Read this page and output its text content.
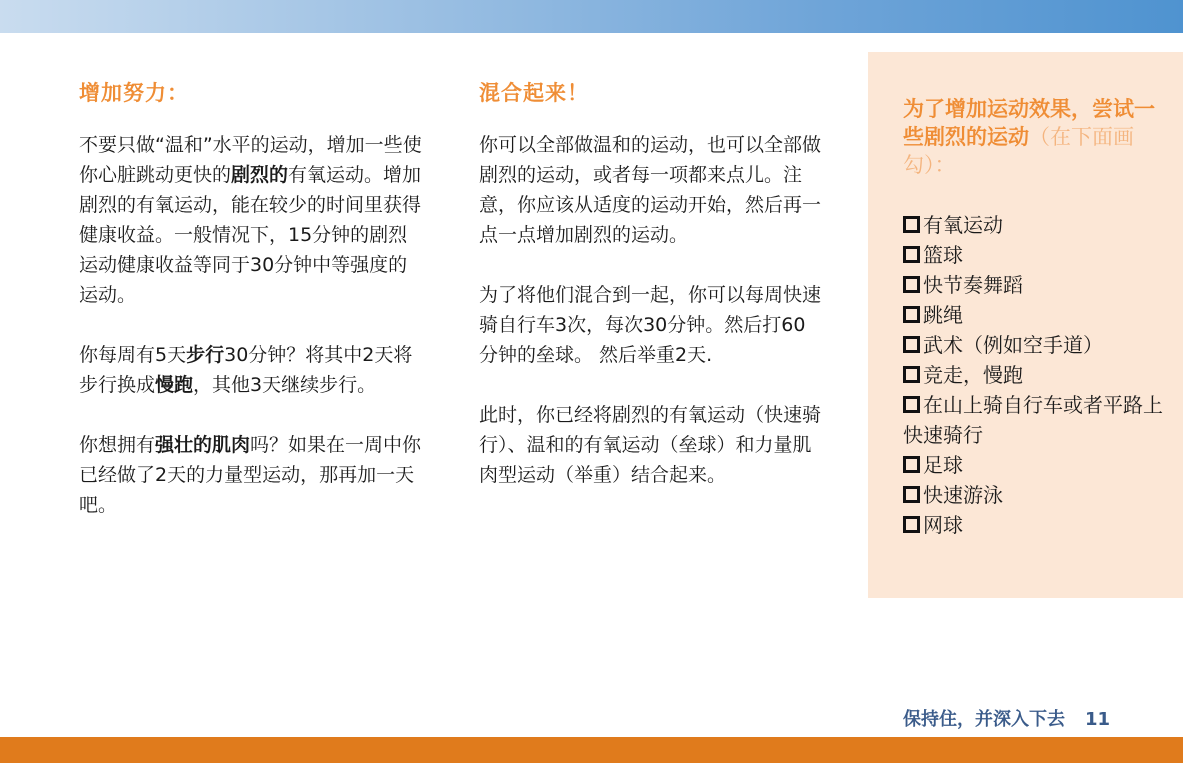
增加努力：

不要只做“温和”水平的运动，增加一些使你心脏跳动更快的剧烈的有氧运动。增加剧烈的有氧运动，能在较少的时间里获得健康收益。一般情况下，15分钟的剧烈运动健康收益等同于30分钟中等强度的运动。

你每周有5天步行30分钟？将其中2天将步行换成慢跑，其他3天继续步行。

你想拥有强壮的肌肉吗？如果在一周中你已经做了2天的力量型运动，那再加一天吧。

混合起来！

你可以全部做温和的运动，也可以全部做剧烈的运动，或者每一项都来点儿。注意，你应该从适度的运动开始，然后再一点一点增加剧烈的运动。

为了将他们混合到一起，你可以每周快速骑自行车3次，每次30分钟。然后打60分钟的垒球。 然后举重2天.

此时，你已经将剧烈的有氧运动（快速骑行）、温和的有氧运动（垒球）和力量肌肉型运动（举重）结合起来。

为了增加运动效果，尝试一些剧烈的运动（在下面画勾）：
有氧运动
篮球
快节奏舞蹈
跳绳
武术（例如空手道）
竞走，慢跑
在山上骑自行车或者平路上快速骑行
足球
快速游泳
网球
保持住，并深入下去 11
